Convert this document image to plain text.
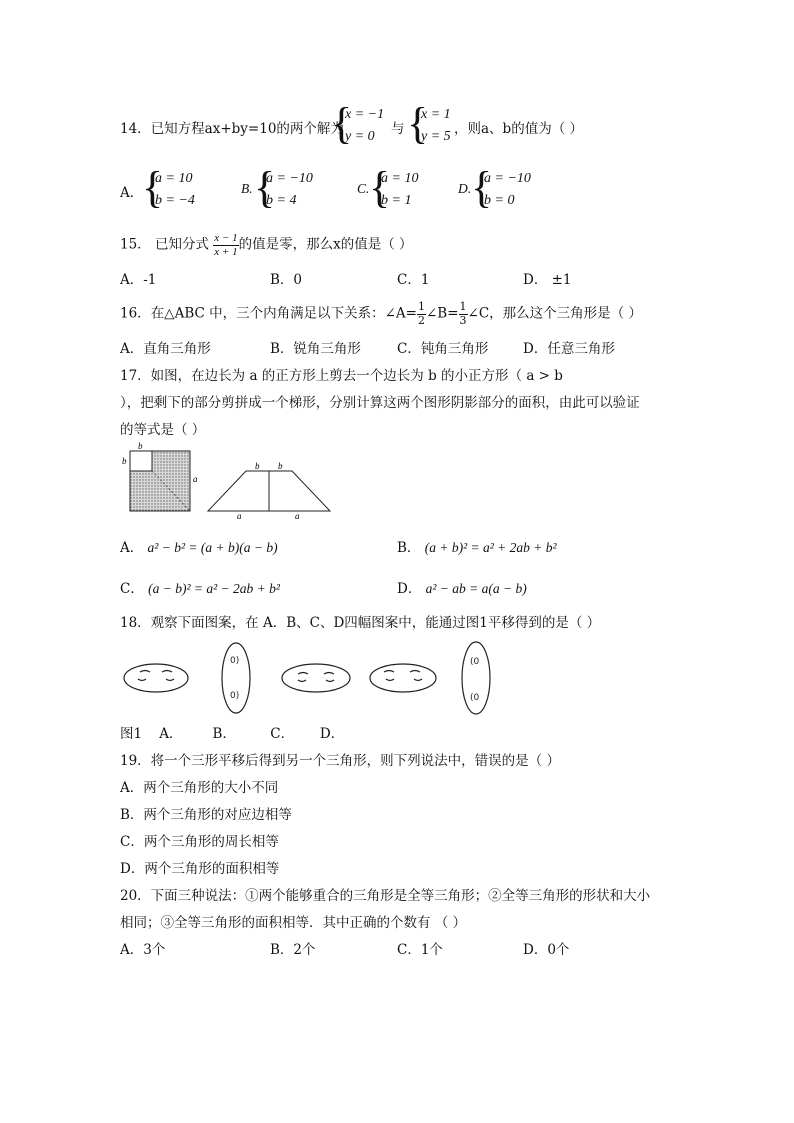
14．已知方程ax+by=10的两个解为
{
x = −1
y = 0	与 {
x = 1
y = 5 ，则a、b的值为（ ）
A．
{
a = 10
b = −4
B. {
a = −10
b = 4
C. {
a = 10
b = 1
D. {
a = −10
b = 0
15． 已知分式 $\frac{x - 1}{x + 1}$ 的值是零，那么x的值是（ ）
A．-1	B．0	C．1	D． ±1
16．在△ABC 中，三个内角满足以下关系：∠A= $\frac{1}{2}$ ∠B= $\frac{1}{3}$ ∠C，那么这个三角形是（ ）
A．直角三角形	B．锐角三角形	C．钝角三角形	D．任意三角形
17．如图，在边长为 a 的正方形上剪去一个边长为 b 的小正方形（ a > b
），把剩下的部分剪拼成一个梯形，分别计算这两个图形阴影部分的面积，由此可以验证
的等式是（ ）
b
b
a
b b
a	a
A． a² − b² = (a + b)(a − b)	B． (a + b)² = a² + 2ab + b²
C． (a − b)² = a² − 2ab + b²	D． a² − ab = a(a − b)
18．观察下面图案，在 A．B、C、D四幅图案中，能通过图1平移得到的是（ ）
0)
0)
(0
(0
图1    A．       B．        C．      D．
19．将一个三形平移后得到另一个三角形，则下列说法中，错误的是（ ）
A．两个三角形的大小不同
B．两个三角形的对应边相等
C．两个三角形的周长相等
D．两个三角形的面积相等
20．下面三种说法：①两个能够重合的三角形是全等三角形；②全等三角形的形状和大小
相同；③全等三角形的面积相等．其中正确的个数有 （ ）
A．3个	B．2个	C．1个	D．0个
